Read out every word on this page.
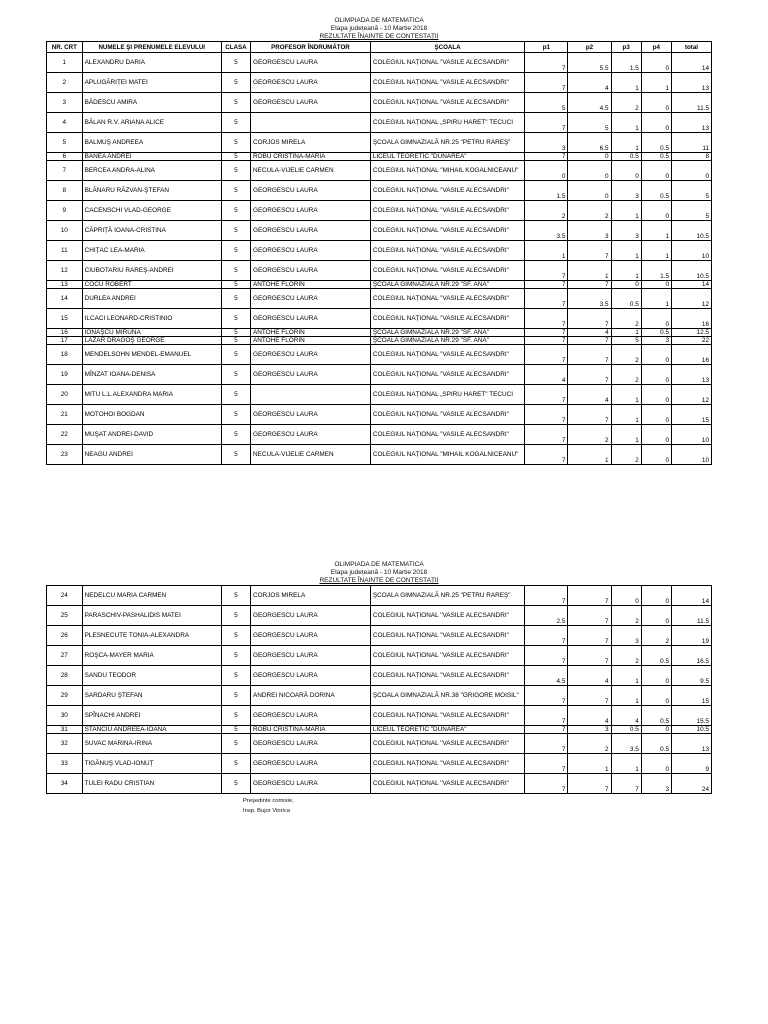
OLIMPIADA DE MATEMATICA
Etapa județeană - 10 Martie 2018
REZULTATE ÎNAINTE DE CONTESTAȚII
NR. CRT	NUMELE ŞI PRENUMELE ELEVULUI	CLASA	PROFESOR ÎNDRUMĂTOR	ŞCOALA	p1	p2	p3	p4	total
1	ALEXANDRU DARIA	5	GEORGESCU LAURA	COLEGIUL NAȚIONAL "VASILE ALECSANDRI"	7	5.5	1.5	0	14
2	APLUGĂRIȚEI MATEI	5	GEORGESCU LAURA	COLEGIUL NAȚIONAL "VASILE ALECSANDRI"	7	4	1	1	13
3	BĂDESCU AMIRA	5	GEORGESCU LAURA	COLEGIUL NAȚIONAL "VASILE ALECSANDRI"	5	4.5	2	0	11.5
4	BĂLAN R.V. ARIANA ALICE	5		COLEGIUL NAȚIONAL „SPIRU HARET" TECUCI	7	5	1	0	13
5	BALMUŞ ANDREEA	5	CORJOS MIRELA	ŞCOALA GIMNAZIALĂ NR.25 "PETRU RAREŞ"	3	6.5	1	0.5	11
6	BANEA ANDREI	5	ROBU CRISTINA-MARIA	LICEUL TEORETIC "DUNĂREA"	7	0	0.5	0.5	8
7	BERCEA ANDRA-ALINA	5	NECULA-VIJELIE CARMEN	COLEGIUL NAȚIONAL "MIHAIL KOGALNICEANU"	0	0	0	0	0
8	BLĂNARU RĂZVAN-ŞTEFAN	5	GEORGESCU LAURA	COLEGIUL NAȚIONAL "VASILE ALECSANDRI"	1.5	0	3	0.5	5
9	CACENSCHI VLAD-GEORGE	5	GEORGESCU LAURA	COLEGIUL NAȚIONAL "VASILE ALECSANDRI"	2	2	1	0	5
10	CĂPRIȚĂ IOANA-CRISTINA	5	GEORGESCU LAURA	COLEGIUL NAȚIONAL "VASILE ALECSANDRI"	3.5	3	3	1	10.5
11	CHIȚAC LEA-MARIA	5	GEORGESCU LAURA	COLEGIUL NAȚIONAL "VASILE ALECSANDRI"	1	7	1	1	10
12	CIUBOTARIU RAREŞ-ANDREI	5	GEORGESCU LAURA	COLEGIUL NAȚIONAL "VASILE ALECSANDRI"	7	1	1	1.5	10.5
13	COCU ROBERT	5	ANTOHE FLORIN	ŞCOALA GIMNAZIALĂ NR.29 "SF. ANA"	7	7	0	0	14
14	DURLEA ANDREI	5	GEORGESCU LAURA	COLEGIUL NAȚIONAL "VASILE ALECSANDRI"	7	3.5	0.5	1	12
15	ILCACI LEONARD-CRISTINIO	5	GEORGESCU LAURA	COLEGIUL NAȚIONAL "VASILE ALECSANDRI"	7	7	2	0	16
16	IONAŞCU MIRUNA	5	ANTOHE FLORIN	ŞCOALA GIMNAZIALĂ NR.29 "SF. ANA"	7	4	1	0.5	12.5
17	LAZĂR DRAGOŞ GEORGE	5	ANTOHE FLORIN	ŞCOALA GIMNAZIALĂ NR.29 "SF. ANA"	7	7	5	3	22
18	MENDELSOHN MENDEL-EMANUEL	5	GEORGESCU LAURA	COLEGIUL NAȚIONAL "VASILE ALECSANDRI"	7	7	2	0	16
19	MÎNZAT IOANA-DENISA	5	GEORGESCU LAURA	COLEGIUL NAȚIONAL "VASILE ALECSANDRI"	4	7	2	0	13
20	MITU L.L.ALEXANDRA MARIA	5		COLEGIUL NAȚIONAL „SPIRU HARET" TECUCI	7	4	1	0	12
21	MOTOHOI BOGDAN	5	GEORGESCU LAURA	COLEGIUL NAȚIONAL "VASILE ALECSANDRI"	7	7	1	0	15
22	MUŞAT ANDREI-DAVID	5	GEORGESCU LAURA	COLEGIUL NAȚIONAL "VASILE ALECSANDRI"	7	2	1	0	10
23	NEAGU ANDREI	5	NECULA-VIJELIE CARMEN	COLEGIUL NAȚIONAL "MIHAIL KOGALNICEANU"	7	1	2	0	10
OLIMPIADA DE MATEMATICA
Etapa județeană - 10 Martie 2018
REZULTATE ÎNAINTE DE CONTESTAȚII
24	NEDELCU MARIA CARMEN	5	CORJOS MIRELA	ŞCOALA GIMNAZIALĂ NR.25 "PETRU RAREŞ"	7	7	0	0	14
25	PARASCHIV-PASHALIDIS MATEI	5	GEORGESCU LAURA	COLEGIUL NAȚIONAL "VASILE ALECSANDRI"	2.5	7	2	0	11.5
26	PLESNECUTE TONIA-ALEXANDRA	5	GEORGESCU LAURA	COLEGIUL NAȚIONAL "VASILE ALECSANDRI"	7	7	3	2	19
27	ROŞCA-MAYER MARIA	5	GEORGESCU LAURA	COLEGIUL NAȚIONAL "VASILE ALECSANDRI"	7	7	2	0.5	16.5
28	SANDU TEODOR	5	GEORGESCU LAURA	COLEGIUL NAȚIONAL "VASILE ALECSANDRI"	4.5	4	1	0	9.5
29	SARDARU ŞTEFAN	5	ANDREI NICOARĂ DORINA	ŞCOALA GIMNAZIALĂ NR.38 "GRIGORE MOISIL"	7	7	1	0	15
30	SPÎNACHI ANDREI	5	GEORGESCU LAURA	COLEGIUL NAȚIONAL "VASILE ALECSANDRI"	7	4	4	0.5	15.5
31	STANCIU ANDREEA-IOANA	5	ROBU CRISTINA-MARIA	LICEUL TEORETIC "DUNĂREA"	7	3	0.5	0	10.5
32	SUVAC MARINA-IRINA	5	GEORGESCU LAURA	COLEGIUL NAȚIONAL "VASILE ALECSANDRI"	7	2	3.5	0.5	13
33	TIGĂNUŞ VLAD-IONUȚ	5	GEORGESCU LAURA	COLEGIUL NAȚIONAL "VASILE ALECSANDRI"	7	1	1	0	9
34	TULEI RADU CRISTIAN	5	GEORGESCU LAURA	COLEGIUL NAȚIONAL "VASILE ALECSANDRI"	7	7	7	3	24
Preşedinte comisie,
Insp. Bujor Viorica
